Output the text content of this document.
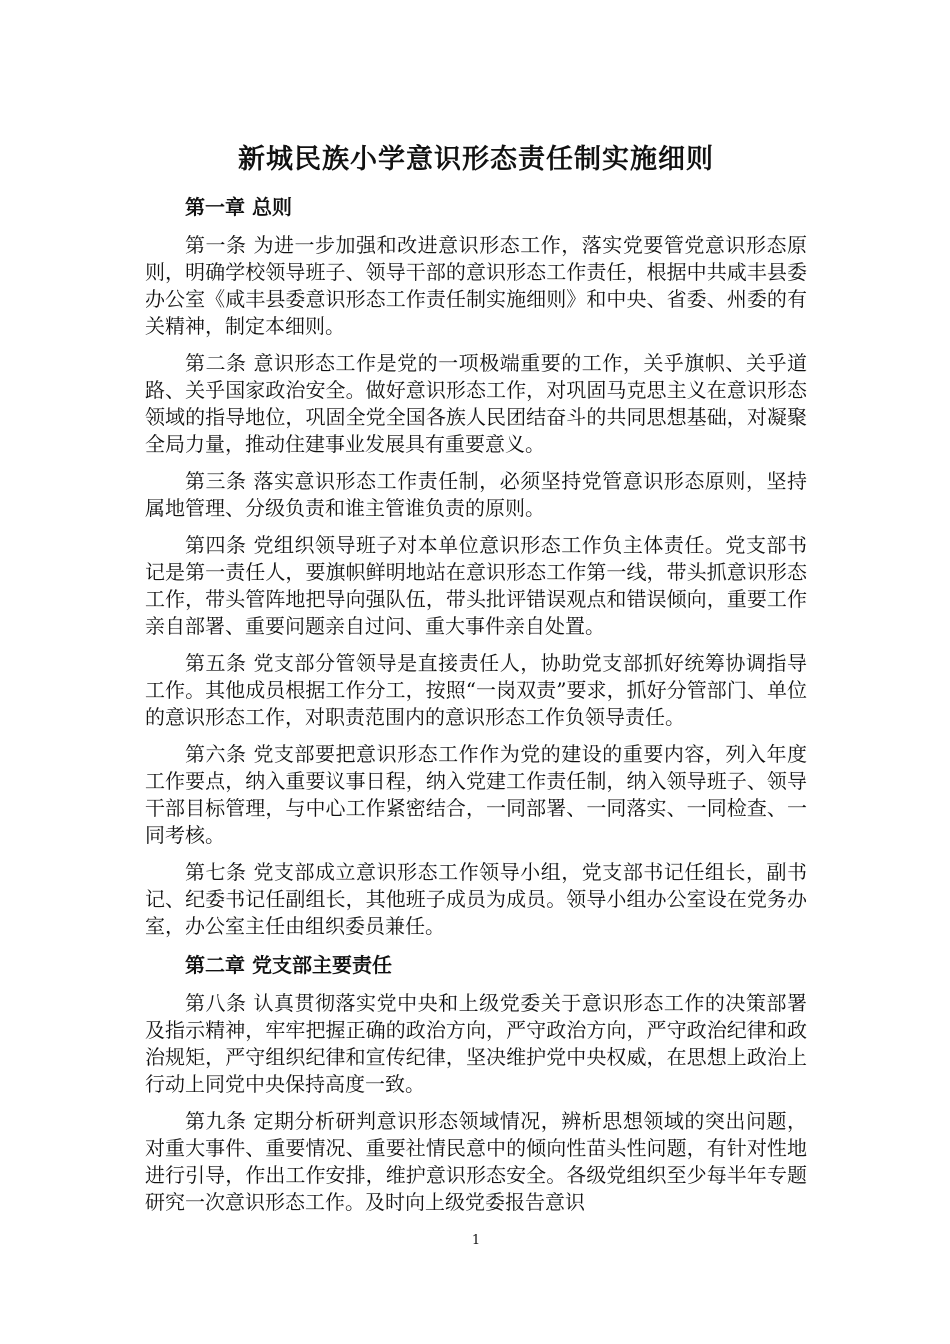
新城民族小学意识形态责任制实施细则

第一章 总则

第一条 为进一步加强和改进意识形态工作，落实党要管党意识形态原则，明确学校领导班子、领导干部的意识形态工作责任，根据中共咸丰县委办公室《咸丰县委意识形态工作责任制实施细则》和中央、省委、州委的有关精神，制定本细则。

第二条 意识形态工作是党的一项极端重要的工作，关乎旗帜、关乎道路、关乎国家政治安全。做好意识形态工作，对巩固马克思主义在意识形态领域的指导地位，巩固全党全国各族人民团结奋斗的共同思想基础，对凝聚全局力量，推动住建事业发展具有重要意义。

第三条 落实意识形态工作责任制，必须坚持党管意识形态原则，坚持属地管理、分级负责和谁主管谁负责的原则。

第四条 党组织领导班子对本单位意识形态工作负主体责任。党支部书记是第一责任人，要旗帜鲜明地站在意识形态工作第一线，带头抓意识形态工作，带头管阵地把导向强队伍，带头批评错误观点和错误倾向，重要工作亲自部署、重要问题亲自过问、重大事件亲自处置。

第五条 党支部分管领导是直接责任人，协助党支部抓好统筹协调指导工作。其他成员根据工作分工，按照“一岗双责”要求，抓好分管部门、单位的意识形态工作，对职责范围内的意识形态工作负领导责任。

第六条 党支部要把意识形态工作作为党的建设的重要内容，列入年度工作要点，纳入重要议事日程，纳入党建工作责任制，纳入领导班子、领导干部目标管理，与中心工作紧密结合，一同部署、一同落实、一同检查、一同考核。

第七条 党支部成立意识形态工作领导小组，党支部书记任组长，副书记、纪委书记任副组长，其他班子成员为成员。领导小组办公室设在党务办室，办公室主任由组织委员兼任。

第二章 党支部主要责任

第八条 认真贯彻落实党中央和上级党委关于意识形态工作的决策部署及指示精神，牢牢把握正确的政治方向，严守政治方向，严守政治纪律和政治规矩，严守组织纪律和宣传纪律，坚决维护党中央权威，在思想上政治上行动上同党中央保持高度一致。

第九条 定期分析研判意识形态领域情况，辨析思想领域的突出问题，对重大事件、重要情况、重要社情民意中的倾向性苗头性问题，有针对性地进行引导，作出工作安排，维护意识形态安全。各级党组织至少每半年专题研究一次意识形态工作。及时向上级党委报告意识

1
